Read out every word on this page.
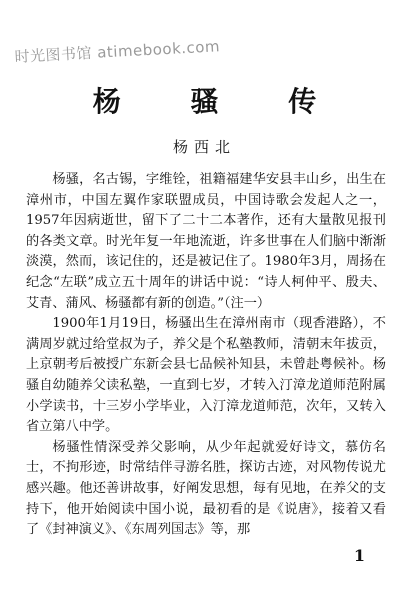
时光图书馆 atimebook.com
杨 骚 传
杨西北

杨骚，名古锡，字维铨，祖籍福建华安县丰山乡，出生在漳州市，中国左翼作家联盟成员，中国诗歌会发起人之一，1957年因病逝世，留下了二十二本著作，还有大量散见报刊的各类文章。时光年复一年地流逝，许多世事在人们脑中渐渐淡漠，然而，该记住的，还是被记住了。1980年3月，周扬在纪念“左联”成立五十周年的讲话中说：“诗人柯仲平、殷夫、艾青、蒲风、杨骚都有新的创造。”（注一）

1900年1月19日，杨骚出生在漳州南市（现香港路），不满周岁就过给堂叔为子，养父是个私塾教师，清朝末年拔贡，上京朝考后被授广东新会县七品候补知县，未曾赴粤候补。杨骚自幼随养父读私塾，一直到七岁，才转入汀漳龙道师范附属小学读书，十三岁小学毕业，入汀漳龙道师范，次年，又转入省立第八中学。

杨骚性情深受养父影响，从少年起就爱好诗文，慕仿名士，不拘形迹，时常结伴寻游名胜，探访古迹，对风物传说尤感兴趣。他还善讲故事，好阐发思想，每有见地，在养父的支持下，他开始阅读中国小说，最初看的是《说唐》，接着又看了《封神演义》、《东周列国志》等，那

1
